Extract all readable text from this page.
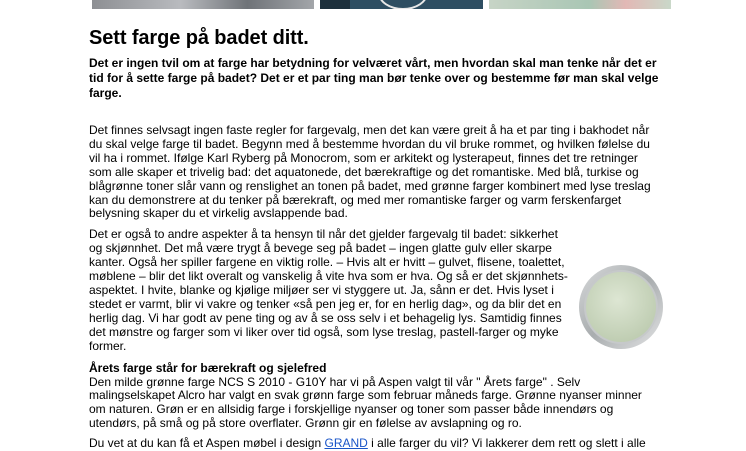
Sett farge på badet ditt.

Det er ingen tvil om at farge har betydning for velværet vårt, men hvordan skal man tenke når det er tid for å sette farge på badet? Det er et par ting man bør tenke over og bestemme før man skal velge farge.

Det finnes selvsagt ingen faste regler for fargevalg, men det kan være greit å ha et par ting i bakhodet når du skal velge farge til badet. Begynn med å bestemme hvordan du vil bruke rommet, og hvilken følelse du vil ha i rommet. Ifølge Karl Ryberg på Monocrom, som er arkitekt og lysterapeut, finnes det tre retninger som alle skaper et trivelig bad: det aquatonede, det bærekraftige og det romantiske. Med blå, turkise og blågrønne toner slår vann og renslighet an tonen på badet, med grønne farger kombinert med lyse treslag kan du demonstrere at du tenker på bærekraft, og med mer romantiske farger og varm ferskenfarget belysning skaper du et virkelig avslappende bad.

Det er også to andre aspekter å ta hensyn til når det gjelder fargevalg til badet: sikkerhet og skjønnhet. Det må være trygt å bevege seg på badet – ingen glatte gulv eller skarpe kanter. Også her spiller fargene en viktig rolle. – Hvis alt er hvitt – gulvet, flisene, toalettet, møblene – blir det likt overalt og vanskelig å vite hva som er hva. Og så er det skjønnhets-aspektet. I hvite, blanke og kjølige miljøer ser vi styggere ut. Ja, sånn er det. Hvis lyset i stedet er varmt, blir vi vakre og tenker «så pen jeg er, for en herlig dag», og da blir det en herlig dag. Vi har godt av pene ting og av å se oss selv i et behagelig lys. Samtidig finnes det mønstre og farger som vi liker over tid også, som lyse treslag, pastell-farger og myke former.

Årets farge står for bærekraft og sjelefred

Den milde grønne farge NCS S 2010 - G10Y har vi på Aspen valgt til vår " Årets farge" . Selv malingselskapet Alcro har valgt en svak grønn farge som februar måneds farge. Grønne nyanser minner om naturen. Grøn er en allsidig farge i forskjellige nyanser og toner som passer både innendørs og utendørs, på små og på store overflater. Grønn gir en følelse av avslapning og ro.

Du vet at du kan få et Aspen møbel i design GRAND i alle farger du vil? Vi lakkerer dem rett og slett i alle
